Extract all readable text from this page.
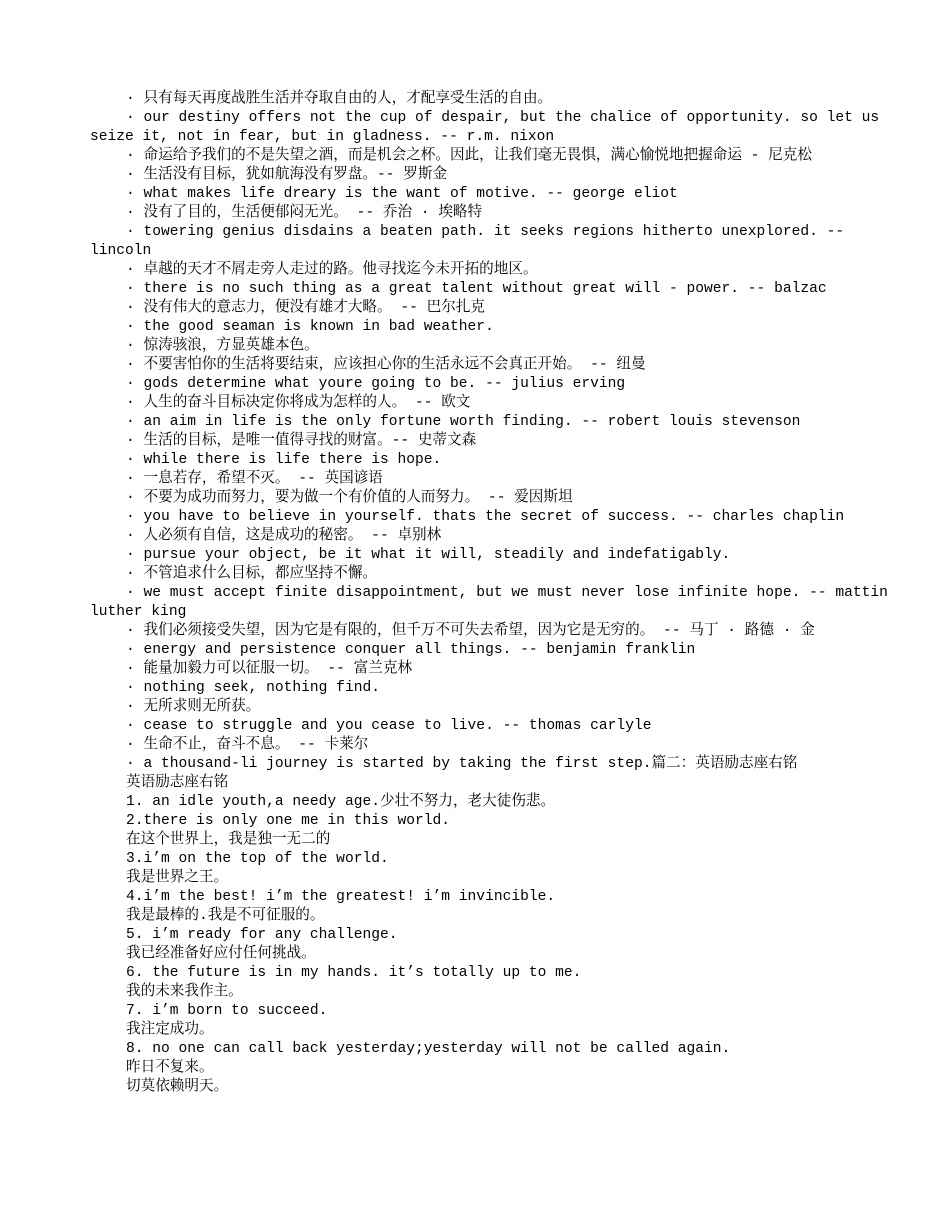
· 只有每天再度战胜生活并夺取自由的人，才配享受生活的自由。

· our destiny offers not the cup of despair, but the chalice of opportunity. so let us seize it, not in fear, but in gladness. -- r.m. nixon

· 命运给予我们的不是失望之酒，而是机会之杯。因此，让我们毫无畏惧，满心愉悦地把握命运 - 尼克松

· 生活没有目标，犹如航海没有罗盘。-- 罗斯金

· what makes life dreary is the want of motive. -- george eliot

· 没有了目的，生活便郁闷无光。 -- 乔治 · 埃略特

· towering genius disdains a beaten path. it seeks regions hitherto unexplored. -- lincoln

· 卓越的天才不屑走旁人走过的路。他寻找迄今未开拓的地区。

· there is no such thing as a great talent without great will - power. -- balzac

· 没有伟大的意志力，便没有雄才大略。 -- 巴尔扎克

· the good seaman is known in bad weather.

· 惊涛骇浪，方显英雄本色。

· 不要害怕你的生活将要结束，应该担心你的生活永远不会真正开始。 -- 纽曼

· gods determine what youre going to be. -- julius erving

· 人生的奋斗目标决定你将成为怎样的人。 -- 欧文

· an aim in life is the only fortune worth finding. -- robert louis stevenson

· 生活的目标，是唯一值得寻找的财富。-- 史蒂文森

· while there is life there is hope.

· 一息若存，希望不灭。 -- 英国谚语

· 不要为成功而努力，要为做一个有价值的人而努力。 -- 爱因斯坦

· you have to believe in yourself. thats the secret of success. -- charles chaplin

· 人必须有自信，这是成功的秘密。 -- 卓别林

· pursue your object, be it what it will, steadily and indefatigably.

· 不管追求什么目标，都应坚持不懈。

· we must accept finite disappointment, but we must never lose infinite hope. -- mattin luther king

· 我们必须接受失望，因为它是有限的，但千万不可失去希望，因为它是无穷的。 -- 马丁 · 路德 · 金

· energy and persistence conquer all things. -- benjamin franklin

· 能量加毅力可以征服一切。 -- 富兰克林

· nothing seek, nothing find.

· 无所求则无所获。

· cease to struggle and you cease to live. -- thomas carlyle

· 生命不止，奋斗不息。 -- 卡莱尔

· a thousand-li journey is started by taking the first step.篇二：英语励志座右铭

英语励志座右铭

1. an idle youth,a needy age.少壮不努力，老大徒伤悲。

2.there is only one me in this world.

在这个世界上，我是独一无二的

3.i’m on the top of the world.

我是世界之王。

4.i’m the best! i’m the greatest! i’m invincible.

我是最棒的.我是不可征服的。

5. i’m ready for any challenge.

我已经准备好应付任何挑战。

6. the future is in my hands. it’s totally up to me.

我的未来我作主。

7. i’m born to succeed.

我注定成功。

8. no one can call back yesterday;yesterday will not be called again.

昨日不复来。

切莫依赖明天。
